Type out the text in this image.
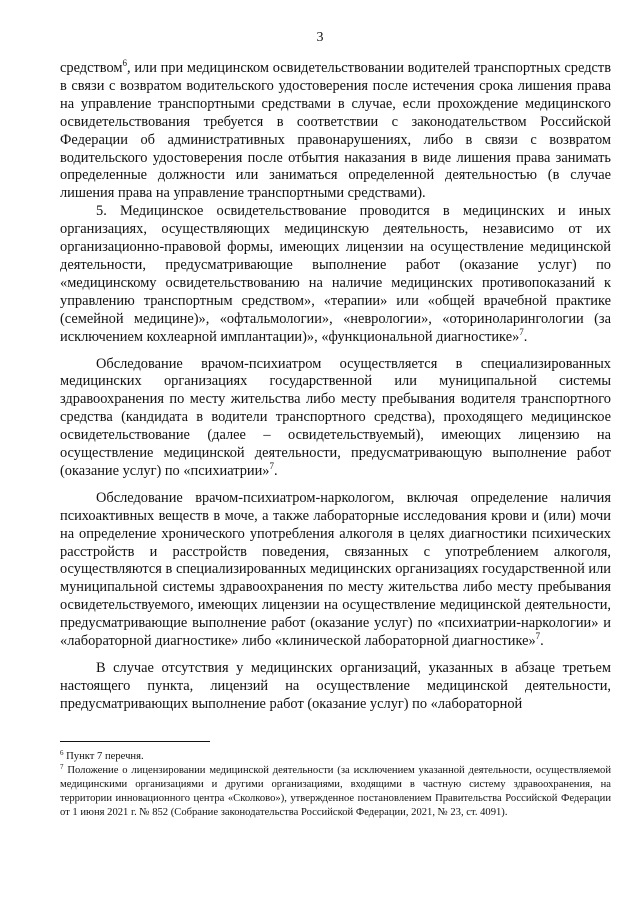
3

средством$^6$, или при медицинском освидетельствовании водителей транспортных средств в связи с возвратом водительского удостоверения после истечения срока лишения права на управление транспортными средствами в случае, если прохождение медицинского освидетельствования требуется в соответствии с законодательством Российской Федерации об административных правонарушениях, либо в связи с возвратом водительского удостоверения после отбытия наказания в виде лишения права занимать определенные должности или заниматься определенной деятельностью (в случае лишения права на управление транспортными средствами).

5. Медицинское освидетельствование проводится в медицинских и иных организациях, осуществляющих медицинскую деятельность, независимо от их организационно-правовой формы, имеющих лицензии на осуществление медицинской деятельности, предусматривающие выполнение работ (оказание услуг) по «медицинскому освидетельствованию на наличие медицинских противопоказаний к управлению транспортным средством», «терапии» или «общей врачебной практике (семейной медицине)», «офтальмологии», «неврологии», «оториноларингологии (за исключением кохлеарной имплантации)», «функциональной диагностике»$^7$.

Обследование врачом-психиатром осуществляется в специализированных медицинских организациях государственной или муниципальной системы здравоохранения по месту жительства либо месту пребывания водителя транспортного средства (кандидата в водители транспортного средства), проходящего медицинское освидетельствование (далее – освидетельствуемый), имеющих лицензию на осуществление медицинской деятельности, предусматривающую выполнение работ (оказание услуг) по «психиатрии»$^7$.

Обследование врачом-психиатром-наркологом, включая определение наличия психоактивных веществ в моче, а также лабораторные исследования крови и (или) мочи на определение хронического употребления алкоголя в целях диагностики психических расстройств и расстройств поведения, связанных с употреблением алкоголя, осуществляются в специализированных медицинских организациях государственной или муниципальной системы здравоохранения по месту жительства либо месту пребывания освидетельствуемого, имеющих лицензии на осуществление медицинской деятельности, предусматривающие выполнение работ (оказание услуг) по «психиатрии-наркологии» и «лабораторной диагностике» либо «клинической лабораторной диагностике»$^7$.

В случае отсутствия у медицинских организаций, указанных в абзаце третьем настоящего пункта, лицензий на осуществление медицинской деятельности, предусматривающих выполнение работ (оказание услуг) по «лабораторной

$^6$ Пункт 7 перечня.

$^7$ Положение о лицензировании медицинской деятельности (за исключением указанной деятельности, осуществляемой медицинскими организациями и другими организациями, входящими в частную систему здравоохранения, на территории инновационного центра «Сколково»), утвержденное постановлением Правительства Российской Федерации от 1 июня 2021 г. № 852 (Собрание законодательства Российской Федерации, 2021, № 23, ст. 4091).
